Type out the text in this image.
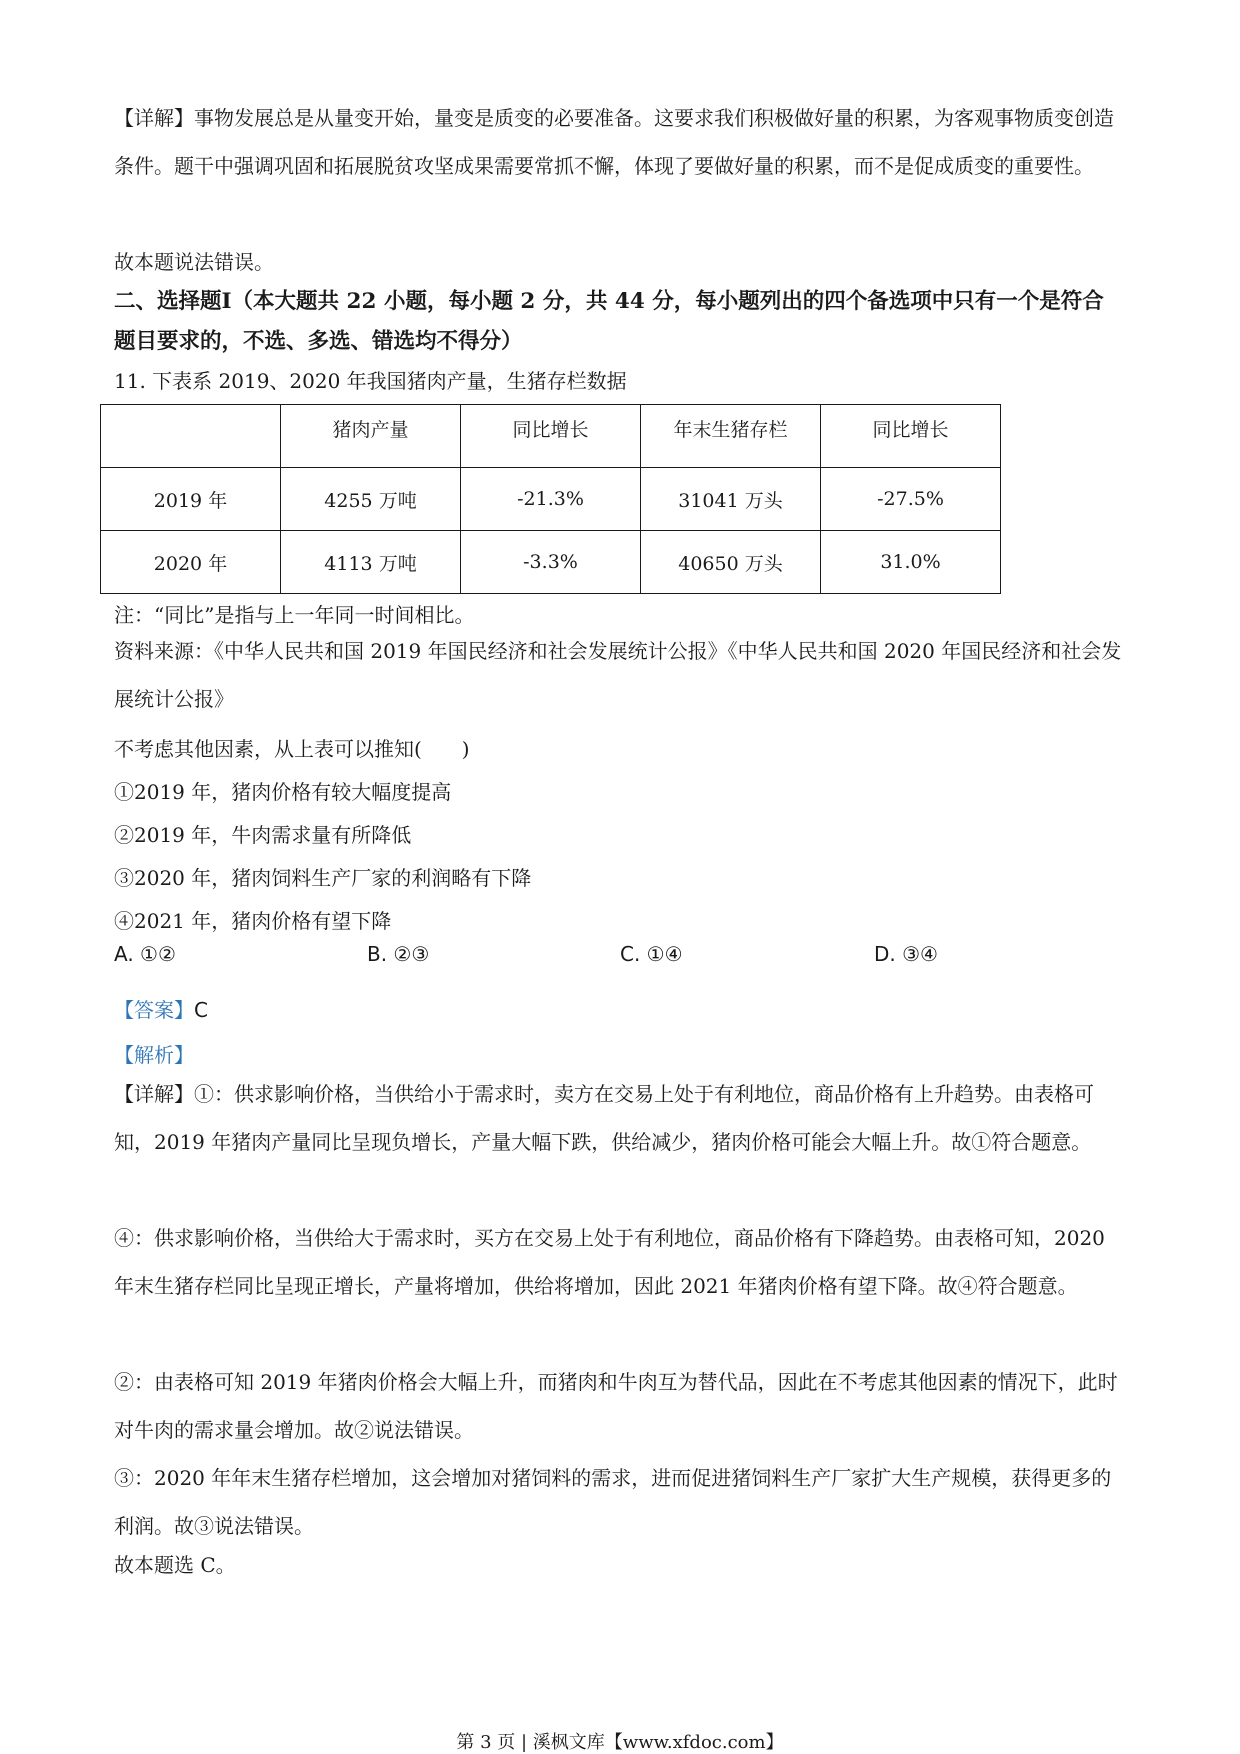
【详解】事物发展总是从量变开始，量变是质变的必要准备。这要求我们积极做好量的积累，为客观事物质变创造条件。题干中强调巩固和拓展脱贫攻坚成果需要常抓不懈，体现了要做好量的积累，而不是促成质变的重要性。
故本题说法错误。
二、选择题Ⅰ（本大题共 22 小题，每小题 2 分，共 44 分，每小题列出的四个备选项中只有一个是符合题目要求的，不选、多选、错选均不得分）
11. 下表系 2019、2020 年我国猪肉产量，生猪存栏数据
	猪肉产量	同比增长	年末生猪存栏	同比增长
2019 年	4255 万吨	-21.3%	31041 万头	-27.5%
2020 年	4113 万吨	-3.3%	40650 万头	31.0%
注：“同比”是指与上一年同一时间相比。
资料来源：《中华人民共和国 2019 年国民经济和社会发展统计公报》《中华人民共和国 2020 年国民经济和社会发展统计公报》
不考虑其他因素，从上表可以推知(　　)
①2019 年，猪肉价格有较大幅度提高
②2019 年，牛肉需求量有所降低
③2020 年，猪肉饲料生产厂家的利润略有下降
④2021 年，猪肉价格有望下降
A. ①②	B. ②③	C. ①④	D. ③④
【答案】C
【解析】
【详解】①：供求影响价格，当供给小于需求时，卖方在交易上处于有利地位，商品价格有上升趋势。由表格可知，2019 年猪肉产量同比呈现负增长，产量大幅下跌，供给减少，猪肉价格可能会大幅上升。故①符合题意。
④：供求影响价格，当供给大于需求时，买方在交易上处于有利地位，商品价格有下降趋势。由表格可知，2020 年末生猪存栏同比呈现正增长，产量将增加，供给将增加，因此 2021 年猪肉价格有望下降。故④符合题意。
②：由表格可知 2019 年猪肉价格会大幅上升，而猪肉和牛肉互为替代品，因此在不考虑其他因素的情况下，此时对牛肉的需求量会增加。故②说法错误。
③：2020 年年末生猪存栏增加，这会增加对猪饲料的需求，进而促进猪饲料生产厂家扩大生产规模，获得更多的利润。故③说法错误。
故本题选 C。
第 3 页 | 溪枫文库【www.xfdoc.com】
